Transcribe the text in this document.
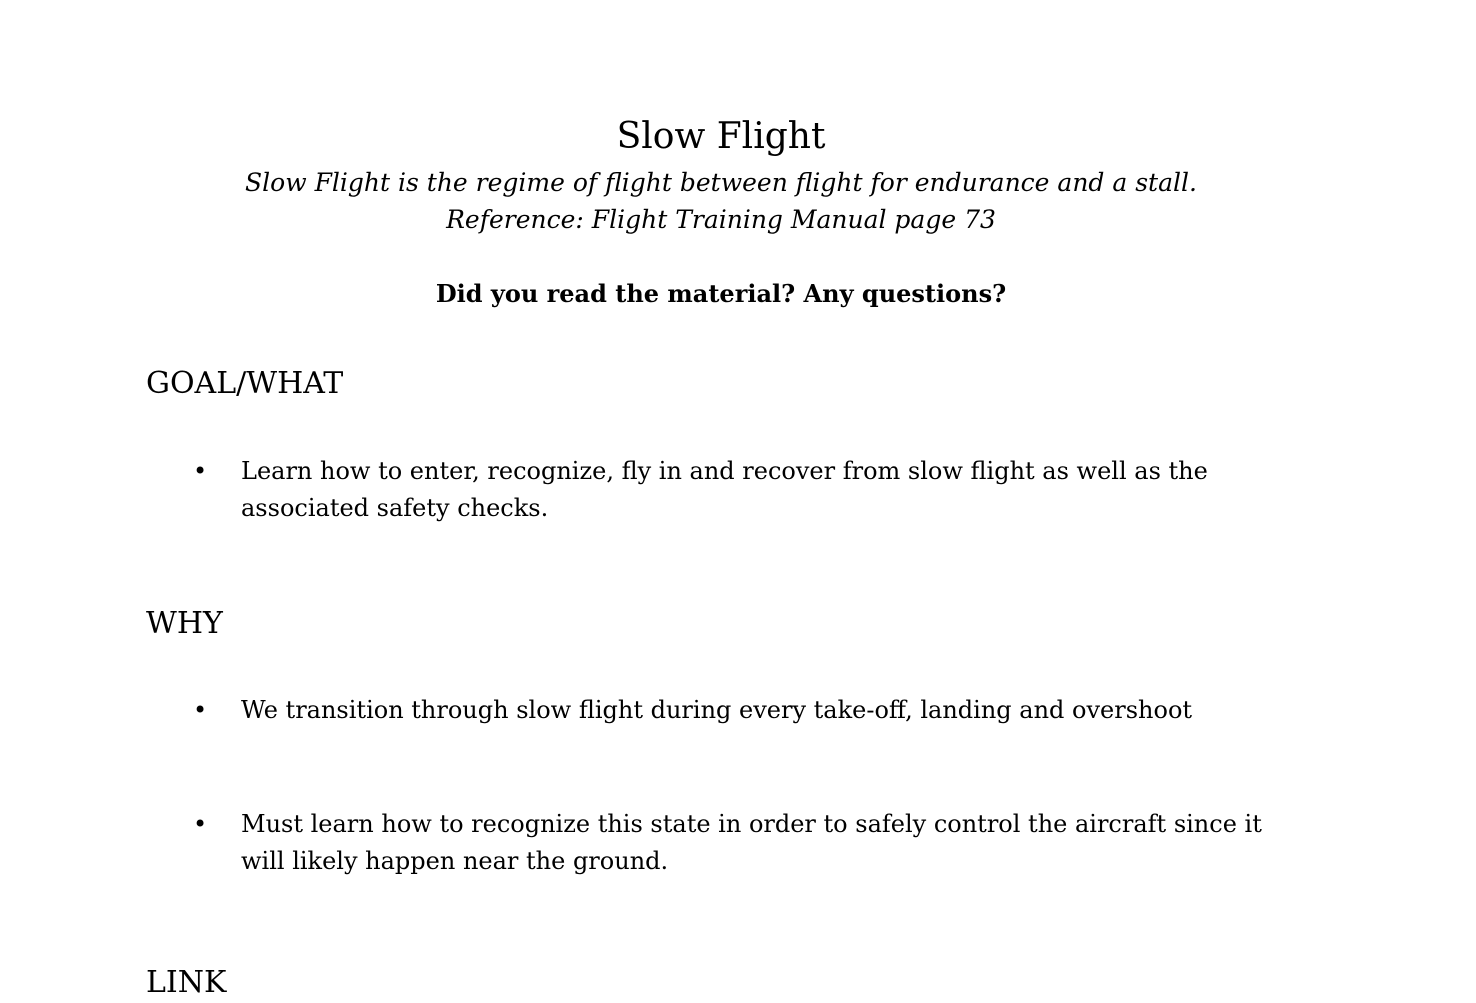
Slow Flight

Slow Flight is the regime of flight between flight for endurance and a stall.

Reference: Flight Training Manual page 73

Did you read the material? Any questions?

GOAL/WHAT
• Learn how to enter, recognize, fly in and recover from slow flight as well as the associated safety checks.
WHY
• We transition through slow flight during every take-off, landing and overshoot
• Must learn how to recognize this state in order to safely control the aircraft since it will likely happen near the ground.
LINK
